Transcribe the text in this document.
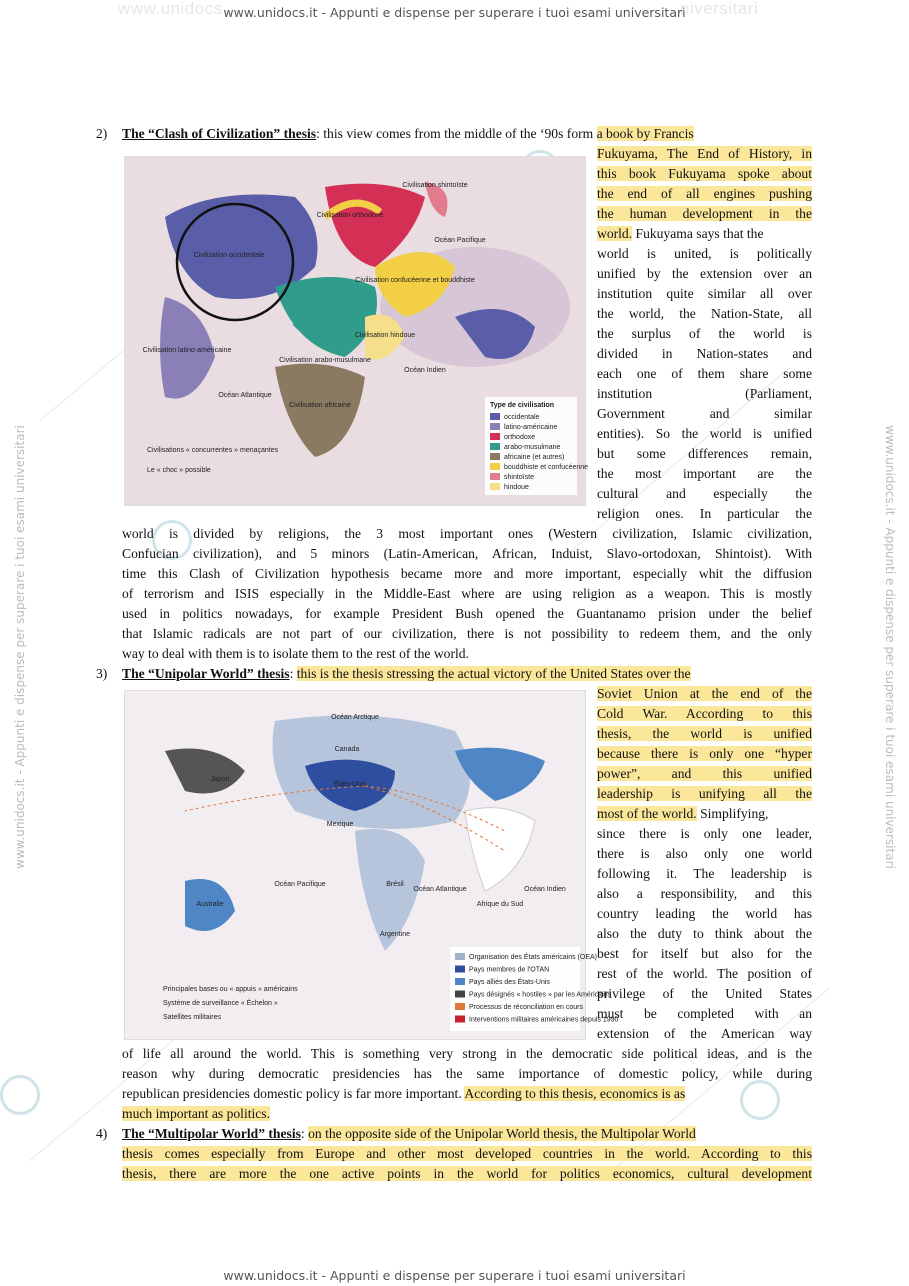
www.unidocs	niversitari
www.unidocs.it - Appunti e dispense per superare i tuoi esami universitari
www.unidocs.it - Appunti e dispense per superare i tuoi esami universitari
www.unidocs.it - Appunti e dispense per superare i tuoi esami universitari	www.unidocs.it - Appunti e dispense per superare i tuoi esami universitari
2) The “Clash of Civilization” thesis: this view comes from the middle of the ‘90s form a book by Francis
Fukuyama, The End of History, in
this book Fukuyama spoke about
the end of all engines pushing
the human development in the
world. Fukuyama says that the
world is united, is politically
unified by the extension over an
institution quite similar all over
the world, the Nation-State, all
the surplus of the world is
divided in Nation-states and
each one of them share some
institution (Parliament,
Government and similar
entities). So the world is unified
but some differences remain,
the most important are the
cultural and especially the
religion ones. In particular the
world is divided by religions, the 3 most important ones (Western civilization, Islamic civilization,
Confucian civilization), and 5 minors (Latin-American, African, Induist, Slavo-ortodoxan, Shintoist). With
time this Clash of Civilization hypothesis became more and more important, especially whit the diffusion
of terrorism and ISIS especially in the Middle-East where are using religion as a weapon. This is mostly
used in politics nowadays, for example President Bush opened the Guantanamo prision under the belief
that Islamic radicals are not part of our civilization, there is not possibility to redeem them, and the only
way to deal with them is to isolate them to the rest of the world.
3) The “Unipolar World” thesis: this is the thesis stressing the actual victory of the United States over the
Soviet Union at the end of the
Cold War. According to this
thesis, the world is unified
because there is only one “hyper
power”, and this unified
leadership is unifying all the
most of the world. Simplifying,
since there is only one leader,
there is also only one world
following it. The leadership is
also a responsibility, and this
country leading the world has
also the duty to think about the
best for itself but also for the
rest of the world. The position of
privilege of the United States
must be completed with an
extension of the American way
of life all around the world. This is something very strong in the democratic side political ideas, and is the
reason why during democratic presidencies has the same importance of domestic policy, while during
republican presidencies domestic policy is far more important. According to this thesis, economics is as
much important as politics.
4) The “Multipolar World” thesis: on the opposite side of the Unipolar World thesis, the Multipolar World
thesis comes especially from Europe and other most developed countries in the world. According to this
thesis, there are more the one active points in the world for politics economics, cultural development
Civilisation occidentale
Civilisation orthodoxe
Civilisation shintoïste
Civilisation confucéenne et bouddhiste
Civilisation hindoue
Civilisation latino-américaine
Civilisation africaine
Civilisation arabo-musulmane
Océan Atlantique
Océan Indien
Océan Pacifique
Type de civilisation
occidentale
latino-américaine
orthodoxe
arabo-musulmane
africaine (et autres)
bouddhiste et confucéenne
shintoïste
hindoue
Civilisations « concurrentes » menaçantes
Le « choc » possible
Océan Arctique
Canada
États-Unis
Mexique
Brésil
Argentine
Océan Pacifique
Océan Atlantique
Japon
Australie	Afrique du Sud
Océan Indien
Organisation des États américains (OEA)
Pays membres de l'OTAN
Pays alliés des États-Unis
Pays désignés « hostiles » par les Américains
Processus de réconciliation en cours
Interventions militaires américaines depuis 1990
Principales bases ou « appuis » américains
Système de surveillance « Échelon »
Satellites militaires
